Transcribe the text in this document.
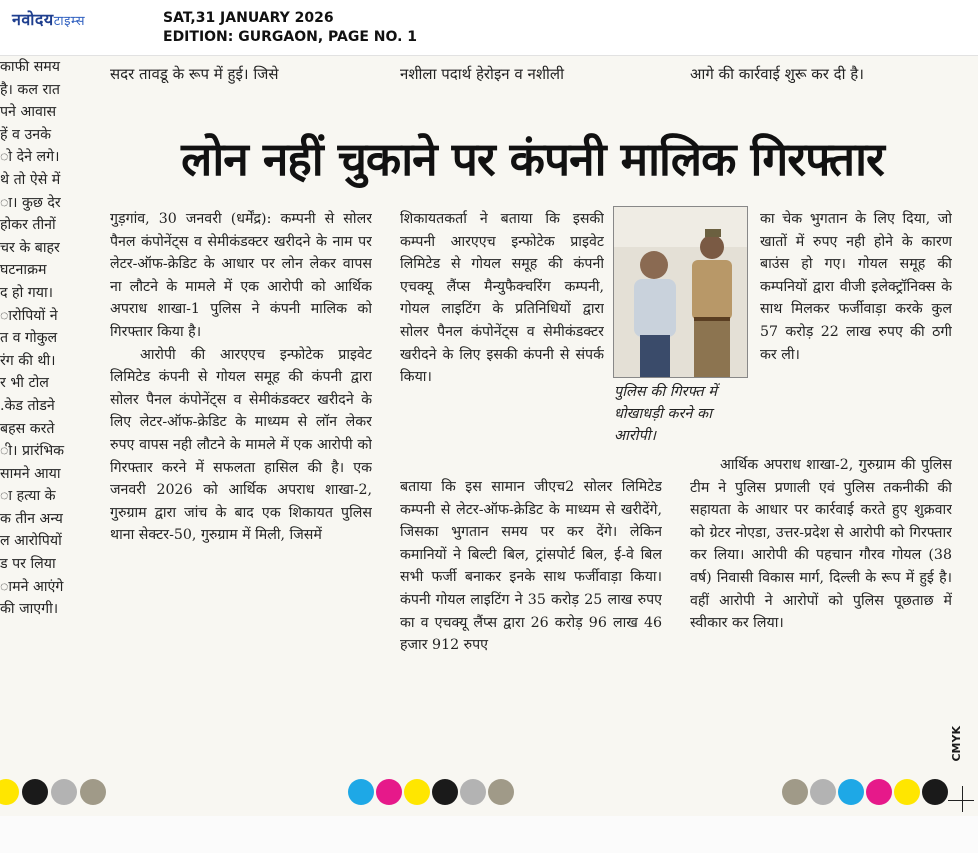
नवोदयटाइम्स	SAT,31 JANUARY 2026
EDITION: GURGAON, PAGE NO. 1
काफी समय
है। कल रात
पने आवास
हें व उनके
ो देने लगे।
थे तो ऐसे में
ा। कुछ देर
होकर तीनों
चर के बाहर
घटनाक्रम
द हो गया।
ारोपियों ने
त व गोकुल
रंग की थी।
र भी टोल
.केड तोडने
बहस करते
ी। प्रारंभिक
सामने आया
ा हत्या के
क तीन अन्य
ल आरोपियों
ड पर लिया
ामने आएंगे
की जाएगी।
सदर तावडू के रूप में हुई। जिसे	नशीला पदार्थ हेरोइन व नशीली	आगे की कार्रवाई शुरू कर दी है।
लोन नहीं चुकाने पर कंपनी मालिक गिरफ्तार

गुड़गांव, 30 जनवरी (धर्मेंद्र): कम्पनी से सोलर पैनल कंपोनेंट्स व सेमीकंडक्टर खरीदने के नाम पर लेटर-ऑफ-क्रेडिट के आधार पर लोन लेकर वापस ना लौटने के मामले में एक आरोपी को आर्थिक अपराध शाखा-1 पुलिस ने कंपनी मालिक को गिरफ्तार किया है।

आरोपी की आरएएच इन्फोटेक प्राइवेट लिमिटेड कंपनी से गोयल समूह की कंपनी द्वारा सोलर पैनल कंपोनेंट्स व सेमीकंडक्टर खरीदने के लिए लेटर-ऑफ-क्रेडिट के माध्यम से लॉन लेकर रुपए वापस नही लौटने के मामले में एक आरोपी को गिरफ्तार करने में सफलता हासिल की है। एक जनवरी 2026 को आर्थिक अपराध शाखा-2, गुरुग्राम द्वारा जांच के बाद एक शिकायत पुलिस थाना सेक्टर-50, गुरुग्राम में मिली, जिसमें

शिकायतकर्ता ने बताया कि इसकी कम्पनी आरएएच इन्फोटेक प्राइवेट लिमिटेड से गोयल समूह की कंपनी एचक्यू लैंप्स मैन्युफैक्चरिंग कम्पनी, गोयल लाइटिंग के प्रतिनिधियों द्वारा सोलर पैनल कंपोनेंट्स व सेमीकंडक्टर खरीदने के लिए इसकी कंपनी से संपर्क किया।

बताया कि इस सामान जीएच2 सोलर लिमिटेड कम्पनी से लेटर-ऑफ-क्रेडिट के माध्यम से खरीदेंगे, जिसका भुगतान समय पर कर देंगे। लेकिन कमानियों ने बिल्टी बिल, ट्रांसपोर्ट बिल, ई-वे बिल सभी फर्जी बनाकर इनके साथ फर्जीवाड़ा किया। कंपनी गोयल लाइटिंग ने 35 करोड़ 25 लाख रुपए का व एचक्यू लैंप्स द्वारा 26 करोड़ 96 लाख 46 हजार 912 रुपए

पुलिस की गिरफ्त में धोखाधड़ी करने का आरोपी।

का चेक भुगतान के लिए दिया, जो खातों में रुपए नही होने के कारण बाउंस हो गए। गोयल समूह की कम्पनियों द्वारा वीजी इलेक्ट्रॉनिक्स के साथ मिलकर फर्जीवाड़ा करके कुल 57 करोड़ 22 लाख रुपए की ठगी कर ली।

आर्थिक अपराध शाखा-2, गुरुग्राम की पुलिस टीम ने पुलिस प्रणाली एवं पुलिस तकनीकी की सहायता के आधार पर कार्रवाई करते हुए शुक्रवार को ग्रेटर नोएडा, उत्तर-प्रदेश से आरोपी को गिरफ्तार कर लिया। आरोपी की पहचान गौरव गोयल (38 वर्ष) निवासी विकास मार्ग, दिल्ली के रूप में हुई है। वहीं आरोपी ने आरोपों को पुलिस पूछताछ में स्वीकार कर लिया।

CMYK
